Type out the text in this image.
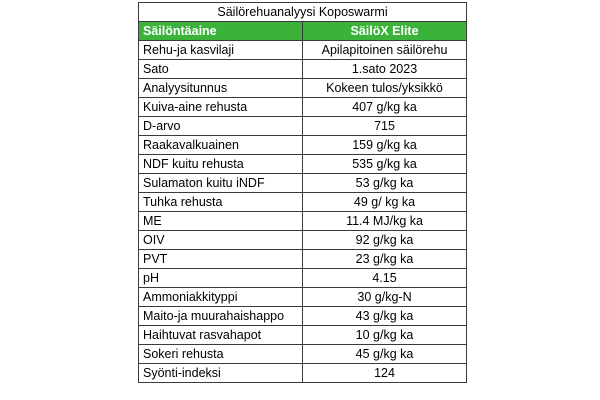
Säilörehuanalyysi Koposwarmi	
Säilöntäaine	SäilöX Elite
Rehu-ja kasvilaji	Apilapitoinen säilörehu
Sato	1.sato 2023
Analyysitunnus	Kokeen tulos/yksikkö
Kuiva-aine rehusta	407 g/kg ka
D-arvo	715
Raakavalkuainen	159 g/kg ka
NDF kuitu rehusta	535 g/kg ka
Sulamaton kuitu iNDF	53 g/kg ka
Tuhka rehusta	49 g/ kg ka
ME	11.4 MJ/kg ka
OIV	92 g/kg ka
PVT	23 g/kg ka
pH	4.15
Ammoniakkityppi	30 g/kg-N
Maito-ja muurahaishappo	43 g/kg ka
Haihtuvat rasvahapot	10 g/kg ka
Sokeri rehusta	45 g/kg ka
Syönti-indeksi	124
